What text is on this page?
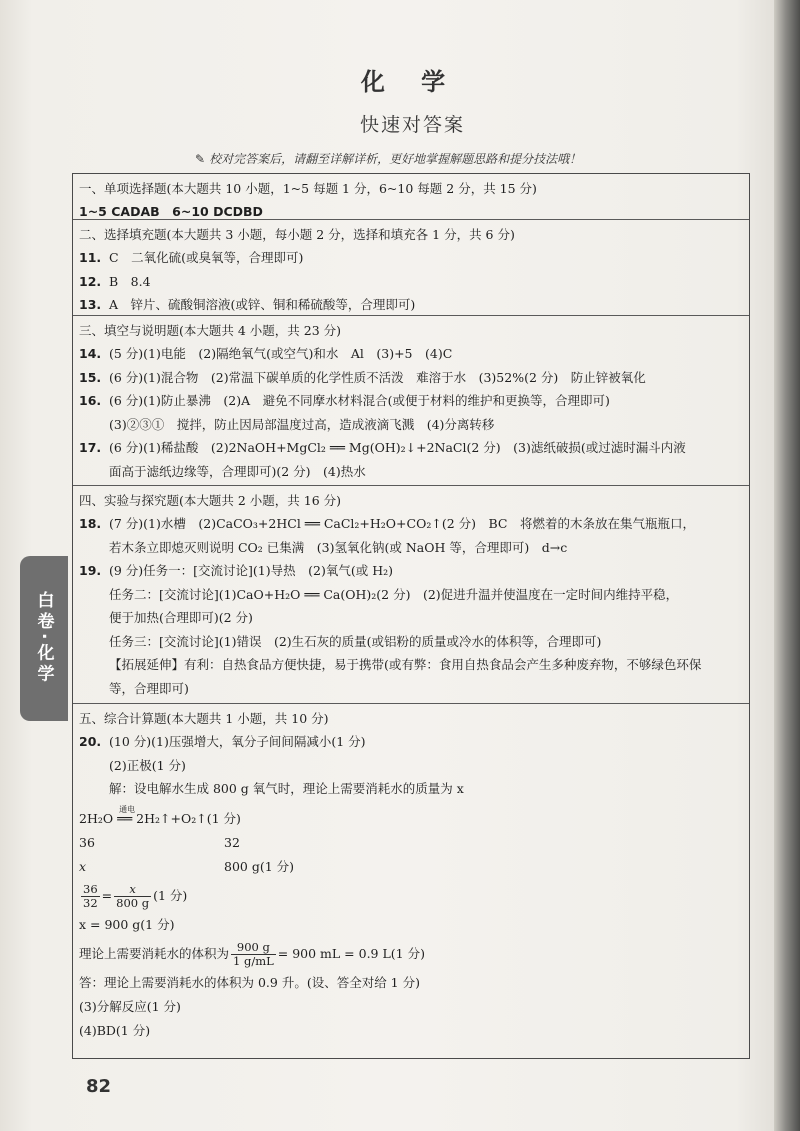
化 学
快速对答案
✎ 校对完答案后，请翻至详解详析，更好地掌握解题思路和提分技法哦！
一、单项选择题(本大题共 10 小题，1~5 每题 1 分，6~10 每题 2 分，共 15 分)
1~5 CADAB　6~10 DCDBD
二、选择填充题(本大题共 3 小题，每小题 2 分，选择和填充各 1 分，共 6 分)
11. C　二氧化硫(或臭氧等，合理即可)
12. B　8.4
13. A　锌片、硫酸铜溶液(或锌、铜和稀硫酸等，合理即可)
三、填空与说明题(本大题共 4 小题，共 23 分)
14. (5 分)(1)电能　(2)隔绝氧气(或空气)和水　Al　(3)+5　(4)C
15. (6 分)(1)混合物　(2)常温下碳单质的化学性质不活泼　难溶于水　(3)52%(2 分)　防止锌被氧化
16. (6 分)(1)防止暴沸　(2)A　避免不同摩水材料混合(或便于材料的维护和更换等，合理即可)
(3)②③①　搅拌，防止因局部温度过高，造成液滴飞溅　(4)分离转移
17. (6 分)(1)稀盐酸　(2)2NaOH+MgCl₂ ══ Mg(OH)₂↓+2NaCl(2 分)　(3)滤纸破损(或过滤时漏斗内液
面高于滤纸边缘等，合理即可)(2 分)　(4)热水
四、实验与探究题(本大题共 2 小题，共 16 分)
18. (7 分)(1)水槽　(2)CaCO₃+2HCl ══ CaCl₂+H₂O+CO₂↑(2 分)　BC　将燃着的木条放在集气瓶瓶口，
若木条立即熄灭则说明 CO₂ 已集满　(3)氢氧化钠(或 NaOH 等，合理即可)　d→c
19. (9 分)任务一：[交流讨论](1)导热　(2)氧气(或 H₂)
任务二：[交流讨论](1)CaO+H₂O ══ Ca(OH)₂(2 分)　(2)促进升温并使温度在一定时间内维持平稳，
便于加热(合理即可)(2 分)
任务三：[交流讨论](1)错误　(2)生石灰的质量(或铝粉的质量或冷水的体积等，合理即可)
【拓展延伸】有利：自热食品方便快捷，易于携带(或有弊：食用自热食品会产生多种废弃物，不够绿色环保
等，合理即可)
五、综合计算题(本大题共 1 小题，共 10 分)
20. (10 分)(1)压强增大，氧分子间间隔减小(1 分)
(2)正极(1 分)
解：设电解水生成 800 g 氧气时，理论上需要消耗水的质量为 x
2H₂O
通电
══ 2H₂↑+O₂↑(1 分)
36	32
x	800 g(1 分)
$\frac{36}{32} = \frac{x}{800 g} (1$ 分)
x = 900 g(1 分)
理论上需要消耗水的体积为 $\frac{900 g}{1 g/mL} = 900$ mL = 0.9 L(1 分)
答：理论上需要消耗水的体积为 0.9 升。(设、答全对给 1 分)
(3)分解反应(1 分)
(4)BD(1 分)
白卷·化学
82
